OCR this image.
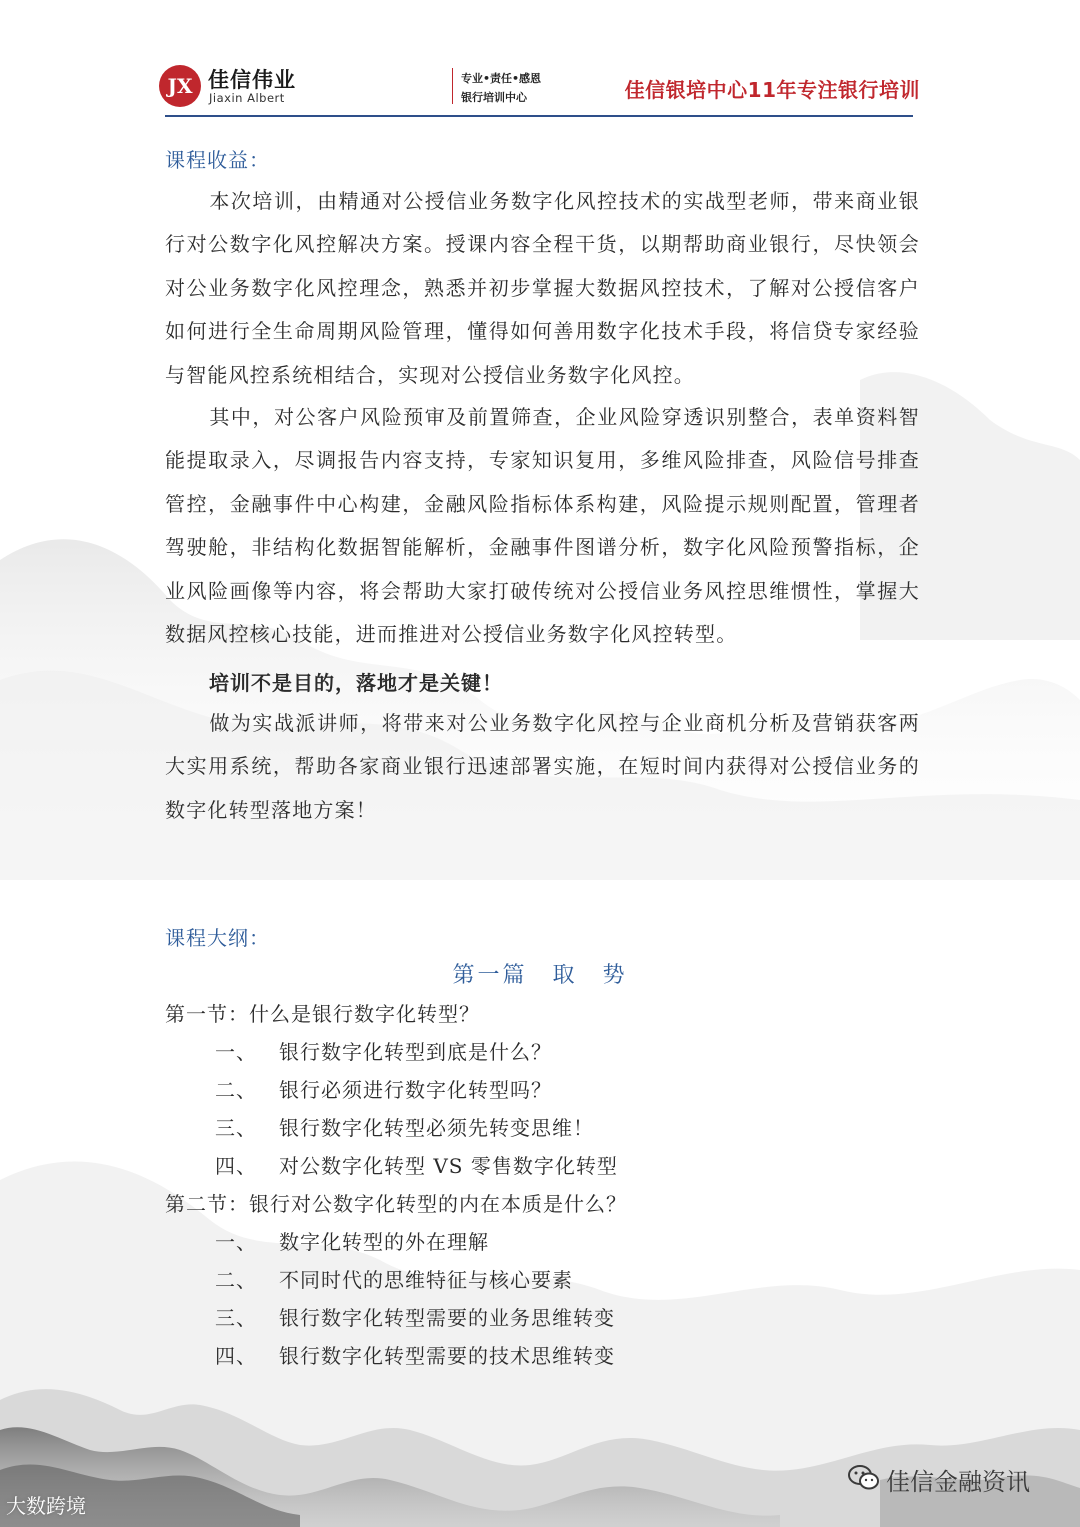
JX 佳信伟业
Jiaxin Albert
专业•责任•感恩
银行培训中心	佳信银培中心11年专注银行培训
课程收益：

本次培训，由精通对公授信业务数字化风控技术的实战型老师，带来商业银行对公数字化风控解决方案。授课内容全程干货，以期帮助商业银行，尽快领会对公业务数字化风控理念，熟悉并初步掌握大数据风控技术，了解对公授信客户如何进行全生命周期风险管理，懂得如何善用数字化技术手段，将信贷专家经验与智能风控系统相结合，实现对公授信业务数字化风控。

其中，对公客户风险预审及前置筛查，企业风险穿透识别整合，表单资料智能提取录入，尽调报告内容支持，专家知识复用，多维风险排查，风险信号排查管控，金融事件中心构建，金融风险指标体系构建，风险提示规则配置，管理者驾驶舱，非结构化数据智能解析，金融事件图谱分析，数字化风险预警指标，企业风险画像等内容，将会帮助大家打破传统对公授信业务风控思维惯性，掌握大数据风控核心技能，进而推进对公授信业务数字化风控转型。

培训不是目的，落地才是关键！

做为实战派讲师，将带来对公业务数字化风控与企业商机分析及营销获客两大实用系统，帮助各家商业银行迅速部署实施，在短时间内获得对公授信业务的数字化转型落地方案！

课程大纲：
第一篇　取　势
第一节：什么是银行数字化转型？
一、 银行数字化转型到底是什么？
二、 银行必须进行数字化转型吗？
三、 银行数字化转型必须先转变思维！
四、 对公数字化转型 VS 零售数字化转型
第二节：银行对公数字化转型的内在本质是什么？
一、 数字化转型的外在理解
二、 不同时代的思维特征与核心要素
三、 银行数字化转型需要的业务思维转变
四、 银行数字化转型需要的技术思维转变
大数跨境
佳信金融资讯
